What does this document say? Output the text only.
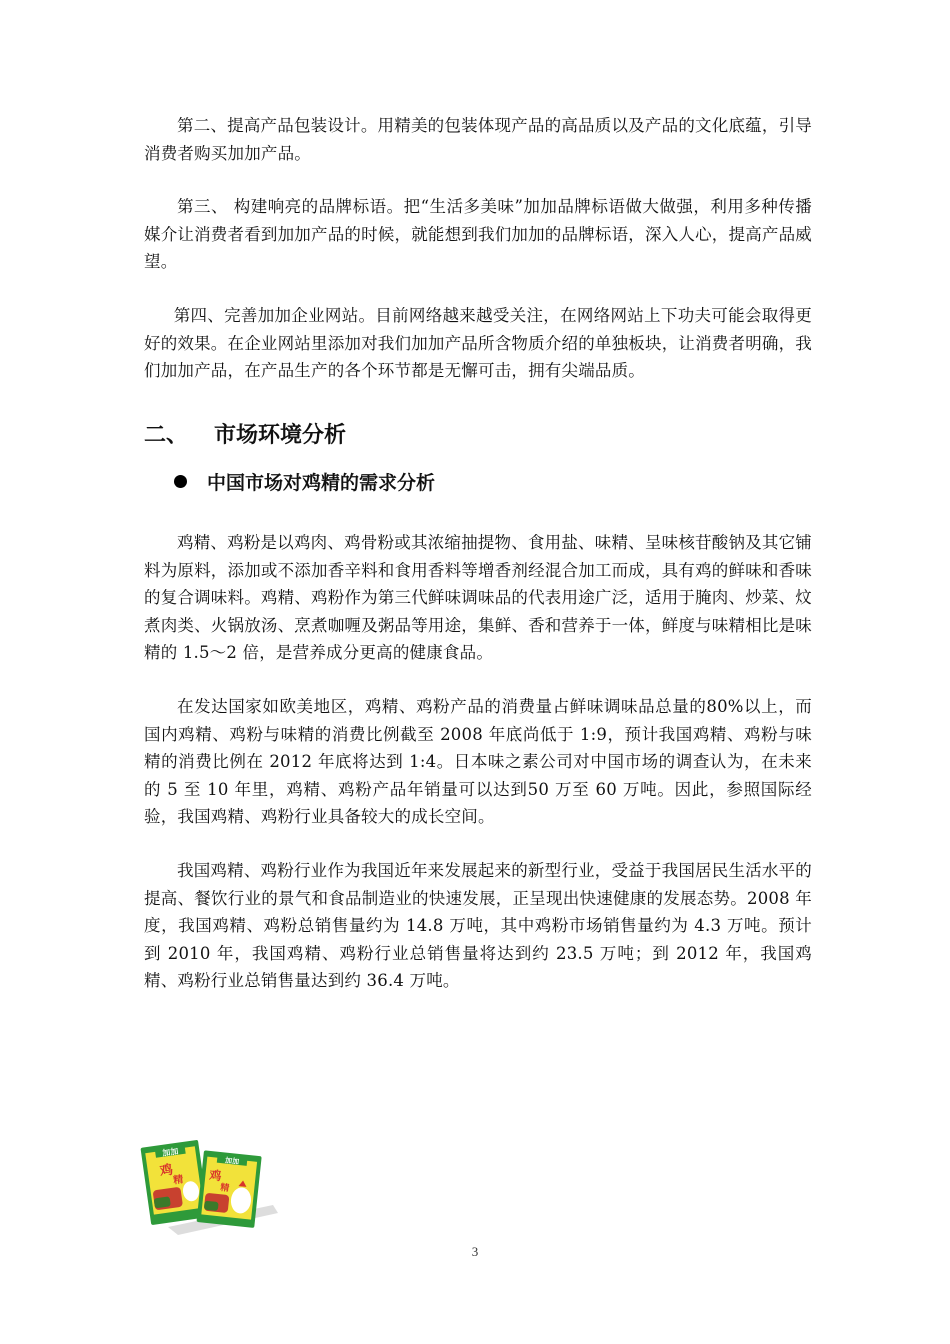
第二、提高产品包装设计。用精美的包装体现产品的高品质以及产品的文化底蕴，引导消费者购买加加产品。

第三、 构建响亮的品牌标语。把“生活多美味”加加品牌标语做大做强，利用多种传播媒介让消费者看到加加产品的时候，就能想到我们加加的品牌标语，深入人心，提高产品威望。

第四、完善加加企业网站。目前网络越来越受关注，在网络网站上下功夫可能会取得更好的效果。在企业网站里添加对我们加加产品所含物质介绍的单独板块，让消费者明确，我们加加产品，在产品生产的各个环节都是无懈可击，拥有尖端品质。

二、 市场环境分析
中国市场对鸡精的需求分析

鸡精、鸡粉是以鸡肉、鸡骨粉或其浓缩抽提物、食用盐、味精、呈味核苷酸钠及其它铺料为原料，添加或不添加香辛料和食用香料等增香剂经混合加工而成，具有鸡的鲜味和香味的复合调味料。鸡精、鸡粉作为第三代鲜味调味品的代表用途广泛，适用于腌肉、炒菜、炆煮肉类、火锅放汤、烹煮咖喱及粥品等用途，集鲜、香和营养于一体，鲜度与味精相比是味精的 1.5～2 倍，是营养成分更高的健康食品。

在发达国家如欧美地区，鸡精、鸡粉产品的消费量占鲜味调味品总量的80%以上，而国内鸡精、鸡粉与味精的消费比例截至 2008 年底尚低于 1:9，预计我国鸡精、鸡粉与味精的消费比例在 2012 年底将达到 1:4。日本味之素公司对中国市场的调查认为，在未来的 5 至 10 年里，鸡精、鸡粉产品年销量可以达到50 万至 60 万吨。因此，参照国际经验，我国鸡精、鸡粉行业具备较大的成长空间。

我国鸡精、鸡粉行业作为我国近年来发展起来的新型行业，受益于我国居民生活水平的提高、餐饮行业的景气和食品制造业的快速发展，正呈现出快速健康的发展态势。2008 年度，我国鸡精、鸡粉总销售量约为 14.8 万吨，其中鸡粉市场销售量约为 4.3 万吨。预计到 2010 年，我国鸡精、鸡粉行业总销售量将达到约 23.5 万吨；到 2012 年，我国鸡精、鸡粉行业总销售量达到约 36.4 万吨。

加加
鸡
精
加加
鸡
精
3
